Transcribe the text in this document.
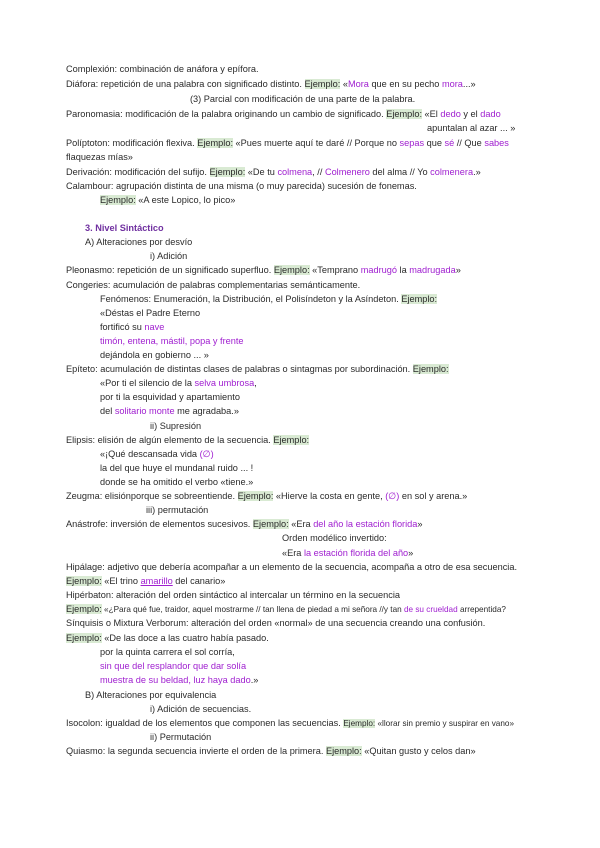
Complexión: combinación de anáfora y epífora.
Diáfora: repetición de una palabra con significado distinto. Ejemplo: «Mora que en su pecho mora...»
(3) Parcial con modificación de una parte de la palabra.
Paronomasia: modificación de la palabra originando un cambio de significado. Ejemplo: «El dedo y el dado
apuntalan al azar ... »
Políptoton: modificación flexiva. Ejemplo: «Pues muerte aquí te daré // Porque no sepas que sé // Que sabes
flaquezas mías»
Derivación: modificación del sufijo. Ejemplo: «De tu colmena, // Colmenero del alma // Yo colmenera.»
Calambour: agrupación distinta de una misma (o muy parecida) sucesión de fonemas.
Ejemplo: «A este Lopico, lo pico»
3. Nivel Sintáctico
A) Alteraciones por desvío
i) Adición
Pleonasmo: repetición de un significado superfluo. Ejemplo: «Temprano madrugó la madrugada»
Congeries: acumulación de palabras complementarias semánticamente.
Fenómenos: Enumeración, la Distribución, el Polisíndeton y la Asíndeton. Ejemplo:
«Déstas el Padre Eterno
fortificó su nave
timón, entena, mástil, popa y frente
dejándola en gobierno ... »
Epíteto: acumulación de distintas clases de palabras o sintagmas por subordinación. Ejemplo:
«Por ti el silencio de la selva umbrosa,
por ti la esquividad y apartamiento
del solitario monte me agradaba.»
ii) Supresión
Elipsis: elisión de algún elemento de la secuencia. Ejemplo:
«¡Qué descansada vida (∅)
la del que huye el mundanal ruido ... !
donde se ha omitido el verbo «tiene.»
Zeugma: elisiónporque se sobreentiende. Ejemplo: «Hierve la costa en gente, (∅) en sol y arena.»
iii) permutación
Anástrofe: inversión de elementos sucesivos. Ejemplo: «Era del año la estación florida»
Orden modélico invertido:
«Era la estación florida del año»
Hipálage: adjetivo que debería acompañar a un elemento de la secuencia, acompaña a otro de esa secuencia.
Ejemplo: «El trino amarillo del canario»
Hipérbaton: alteración del orden sintáctico al intercalar un término en la secuencia
Ejemplo: «¿Para qué fue, traidor, aquel mostrarme // tan llena de piedad a mi señora //y tan de su crueldad arrepentida?
Sínquisis o Mixtura Verborum: alteración del orden «normal» de una secuencia creando una confusión.
Ejemplo: «De las doce a las cuatro había pasado.
por la quinta carrera el sol corría,
sin que del resplandor que dar solía
muestra de su beldad, luz haya dado.»
B) Alteraciones por equivalencia
i) Adición de secuencias.
Isocolon: igualdad de los elementos que componen las secuencias. Ejemplo: «llorar sin premio y suspirar en vano»
ii) Permutación
Quiasmo: la segunda secuencia invierte el orden de la primera. Ejemplo: «Quitan gusto y celos dan»
